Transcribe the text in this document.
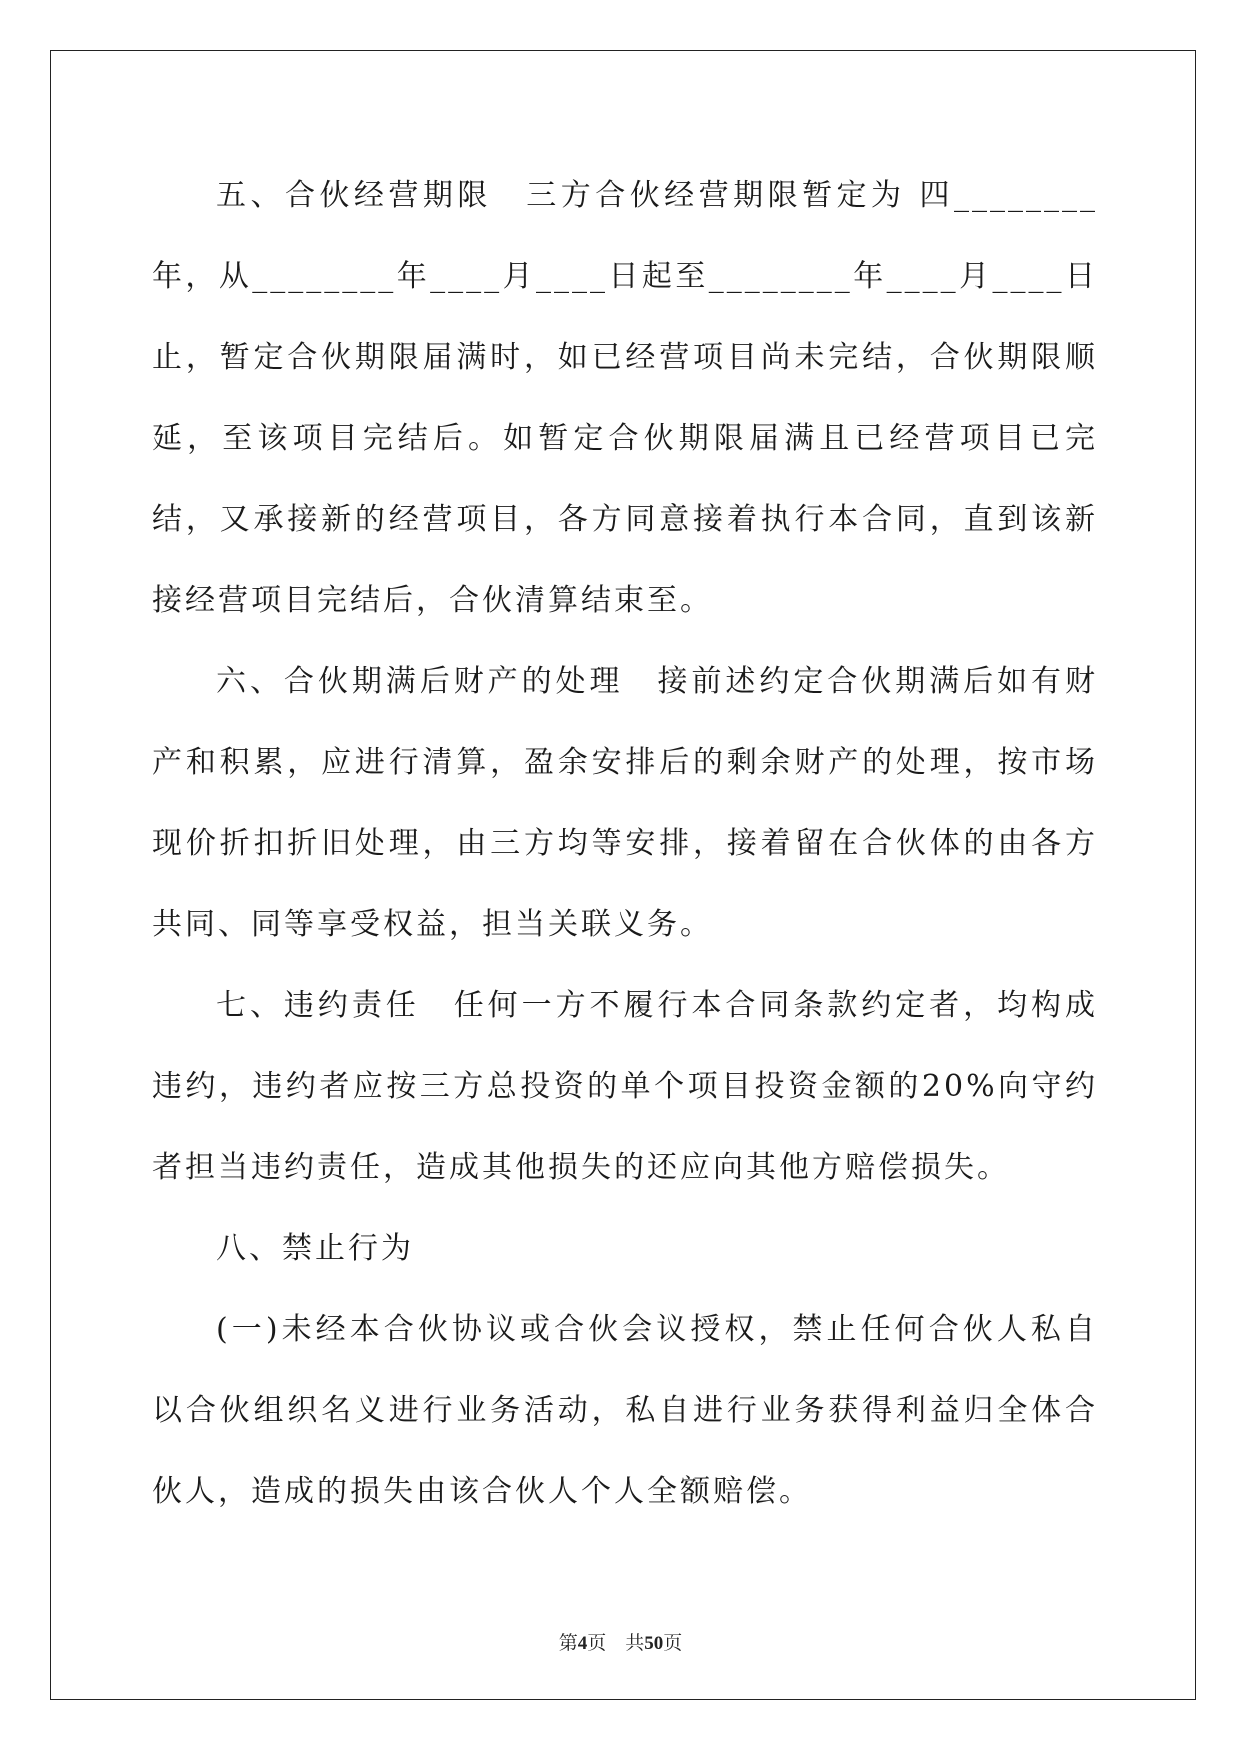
五、合伙经营期限　三方合伙经营期限暂定为 四________年，从________年____月____日起至________年____月____日止，暂定合伙期限届满时，如已经营项目尚未完结，合伙期限顺延，至该项目完结后。如暂定合伙期限届满且已经营项目已完结，又承接新的经营项目，各方同意接着执行本合同，直到该新接经营项目完结后，合伙清算结束至。

六、合伙期满后财产的处理　接前述约定合伙期满后如有财产和积累，应进行清算，盈余安排后的剩余财产的处理，按市场现价折扣折旧处理，由三方均等安排，接着留在合伙体的由各方共同、同等享受权益，担当关联义务。

七、违约责任　任何一方不履行本合同条款约定者，均构成违约，违约者应按三方总投资的单个项目投资金额的20%向守约者担当违约责任，造成其他损失的还应向其他方赔偿损失。

八、禁止行为

(一)未经本合伙协议或合伙会议授权，禁止任何合伙人私自以合伙组织名义进行业务活动，私自进行业务获得利益归全体合伙人，造成的损失由该合伙人个人全额赔偿。

第4页 共50页
